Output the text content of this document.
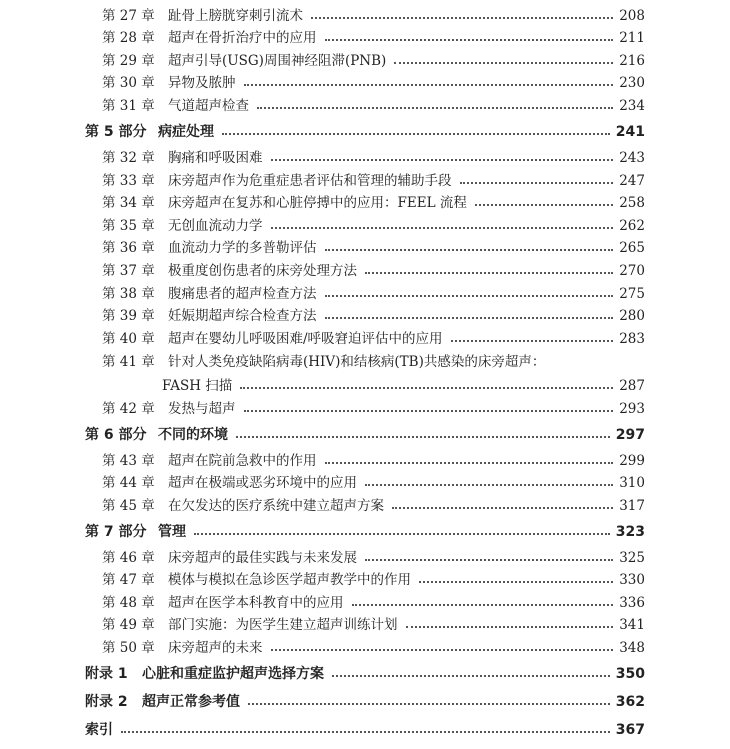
第 27 章 趾骨上膀胱穿刺引流术	208
第 28 章 超声在骨折治疗中的应用	211
第 29 章 超声引导(USG)周围神经阻滞(PNB)	216
第 30 章 异物及脓肿	230
第 31 章 气道超声检查	234
第 5 部分 病症处理	241
第 32 章 胸痛和呼吸困难	243
第 33 章 床旁超声作为危重症患者评估和管理的辅助手段	247
第 34 章 床旁超声在复苏和心脏停搏中的应用：FEEL 流程	258
第 35 章 无创血流动力学	262
第 36 章 血流动力学的多普勒评估	265
第 37 章 极重度创伤患者的床旁处理方法	270
第 38 章 腹痛患者的超声检查方法	275
第 39 章 妊娠期超声综合检查方法	280
第 40 章 超声在婴幼儿呼吸困难/呼吸窘迫评估中的应用	283
第 41 章 针对人类免疫缺陷病毒(HIV)和结核病(TB)共感染的床旁超声：
FASH 扫描	287
第 42 章 发热与超声	293
第 6 部分 不同的环境	297
第 43 章 超声在院前急救中的作用	299
第 44 章 超声在极端或恶劣环境中的应用	310
第 45 章 在欠发达的医疗系统中建立超声方案	317
第 7 部分 管理	323
第 46 章 床旁超声的最佳实践与未来发展	325
第 47 章 模体与模拟在急诊医学超声教学中的作用	330
第 48 章 超声在医学本科教育中的应用	336
第 49 章 部门实施：为医学生建立超声训练计划	341
第 50 章 床旁超声的未来	348
附录 1 心脏和重症监护超声选择方案	350
附录 2 超声正常参考值	362
索引	367
